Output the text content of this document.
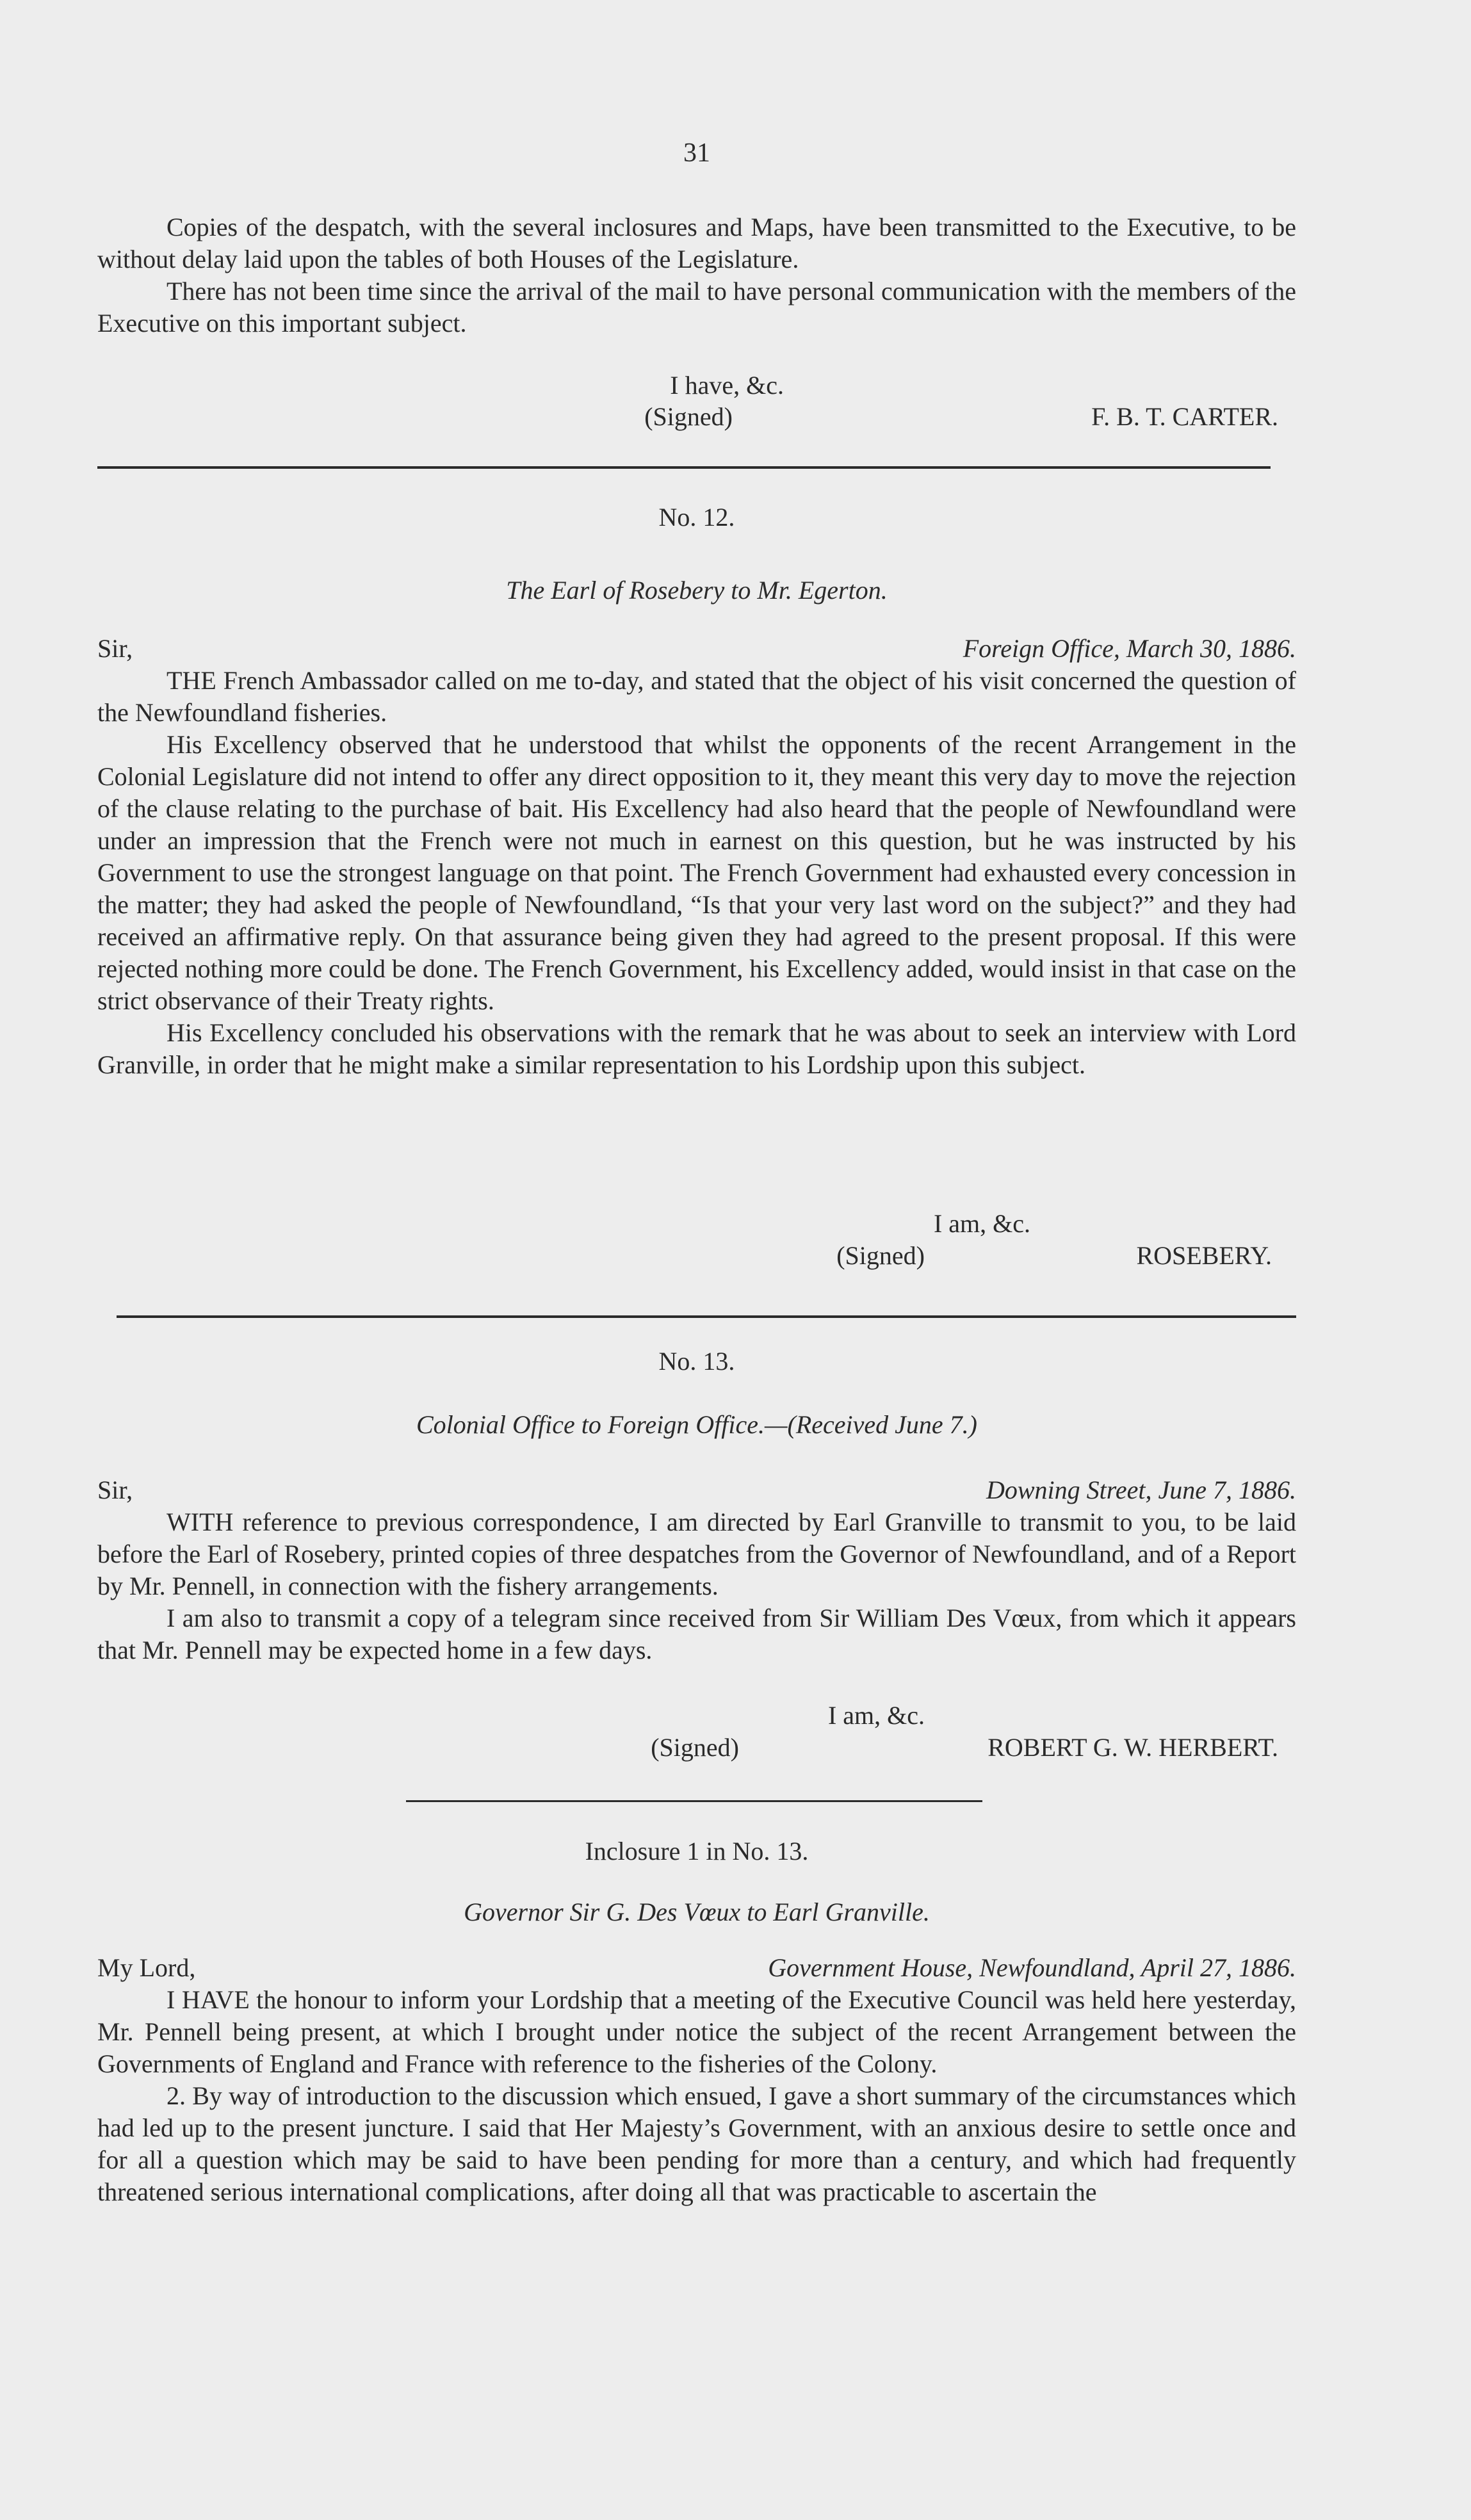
31

Copies of the despatch, with the several inclosures and Maps, have been transmitted to the Executive, to be without delay laid upon the tables of both Houses of the Legislature.

There has not been time since the arrival of the mail to have personal communication with the members of the Executive on this important subject.

I have, &c.
(Signed)	F. B. T. CARTER.
No. 12.
The Earl of Rosebery to Mr. Egerton.
Sir,	Foreign Office, March 30, 1886.

THE French Ambassador called on me to-day, and stated that the object of his visit concerned the question of the Newfoundland fisheries.

His Excellency observed that he understood that whilst the opponents of the recent Arrangement in the Colonial Legislature did not intend to offer any direct opposition to it, they meant this very day to move the rejection of the clause relating to the purchase of bait. His Excellency had also heard that the people of Newfoundland were under an impression that the French were not much in earnest on this question, but he was instructed by his Government to use the strongest language on that point. The French Government had exhausted every concession in the matter; they had asked the people of Newfoundland, “Is that your very last word on the subject?” and they had received an affirmative reply. On that assurance being given they had agreed to the present proposal. If this were rejected nothing more could be done. The French Government, his Excellency added, would insist in that case on the strict observance of their Treaty rights.

His Excellency concluded his observations with the remark that he was about to seek an interview with Lord Granville, in order that he might make a similar representation to his Lordship upon this subject.

I am, &c.
(Signed)	ROSEBERY.
No. 13.
Colonial Office to Foreign Office.—(Received June 7.)
Sir,	Downing Street, June 7, 1886.

WITH reference to previous correspondence, I am directed by Earl Granville to transmit to you, to be laid before the Earl of Rosebery, printed copies of three despatches from the Governor of Newfoundland, and of a Report by Mr. Pennell, in connection with the fishery arrangements.

I am also to transmit a copy of a telegram since received from Sir William Des Vœux, from which it appears that Mr. Pennell may be expected home in a few days.

I am, &c.
(Signed)	ROBERT G. W. HERBERT.
Inclosure 1 in No. 13.
Governor Sir G. Des Vœux to Earl Granville.
My Lord,	Government House, Newfoundland, April 27, 1886.

I HAVE the honour to inform your Lordship that a meeting of the Executive Council was held here yesterday, Mr. Pennell being present, at which I brought under notice the subject of the recent Arrangement between the Governments of England and France with reference to the fisheries of the Colony.

2. By way of introduction to the discussion which ensued, I gave a short summary of the circumstances which had led up to the present juncture. I said that Her Majesty’s Government, with an anxious desire to settle once and for all a question which may be said to have been pending for more than a century, and which had frequently threatened serious international complications, after doing all that was practicable to ascertain the
